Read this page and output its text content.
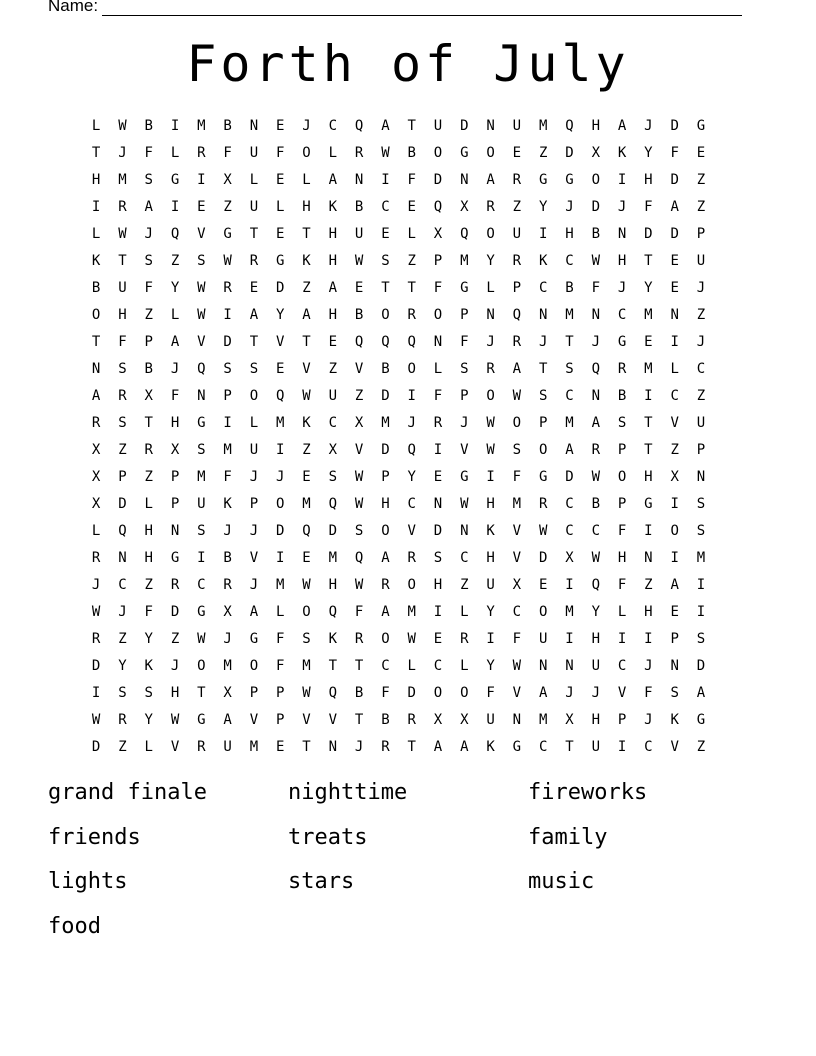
Name:
Forth of July
L	W	B	I	M	B	N	E	J	C	Q	A	T	U	D	N	U	M	Q	H	A	J	D	G
T	J	F	L	R	F	U	F	O	L	R	W	B	O	G	O	E	Z	D	X	K	Y	F	E
H	M	S	G	I	X	L	E	L	A	N	I	F	D	N	A	R	G	G	O	I	H	D	Z
I	R	A	I	E	Z	U	L	H	K	B	C	E	Q	X	R	Z	Y	J	D	J	F	A	Z
L	W	J	Q	V	G	T	E	T	H	U	E	L	X	Q	O	U	I	H	B	N	D	D	P
K	T	S	Z	S	W	R	G	K	H	W	S	Z	P	M	Y	R	K	C	W	H	T	E	U
B	U	F	Y	W	R	E	D	Z	A	E	T	T	F	G	L	P	C	B	F	J	Y	E	J
O	H	Z	L	W	I	A	Y	A	H	B	O	R	O	P	N	Q	N	M	N	C	M	N	Z
T	F	P	A	V	D	T	V	T	E	Q	Q	Q	N	F	J	R	J	T	J	G	E	I	J
N	S	B	J	Q	S	S	E	V	Z	V	B	O	L	S	R	A	T	S	Q	R	M	L	C
A	R	X	F	N	P	O	Q	W	U	Z	D	I	F	P	O	W	S	C	N	B	I	C	Z
R	S	T	H	G	I	L	M	K	C	X	M	J	R	J	W	O	P	M	A	S	T	V	U
X	Z	R	X	S	M	U	I	Z	X	V	D	Q	I	V	W	S	O	A	R	P	T	Z	P
X	P	Z	P	M	F	J	J	E	S	W	P	Y	E	G	I	F	G	D	W	O	H	X	N
X	D	L	P	U	K	P	O	M	Q	W	H	C	N	W	H	M	R	C	B	P	G	I	S
L	Q	H	N	S	J	J	D	Q	D	S	O	V	D	N	K	V	W	C	C	F	I	O	S
R	N	H	G	I	B	V	I	E	M	Q	A	R	S	C	H	V	D	X	W	H	N	I	M
J	C	Z	R	C	R	J	M	W	H	W	R	O	H	Z	U	X	E	I	Q	F	Z	A	I
W	J	F	D	G	X	A	L	O	Q	F	A	M	I	L	Y	C	O	M	Y	L	H	E	I
R	Z	Y	Z	W	J	G	F	S	K	R	O	W	E	R	I	F	U	I	H	I	I	P	S
D	Y	K	J	O	M	O	F	M	T	T	C	L	C	L	Y	W	N	N	U	C	J	N	D
I	S	S	H	T	X	P	P	W	Q	B	F	D	O	O	F	V	A	J	J	V	F	S	A
W	R	Y	W	G	A	V	P	V	V	T	B	R	X	X	U	N	M	X	H	P	J	K	G
D	Z	L	V	R	U	M	E	T	N	J	R	T	A	A	K	G	C	T	U	I	C	V	Z
grand finale	nighttime	fireworks
friends	treats	family
lights	stars	music
food
